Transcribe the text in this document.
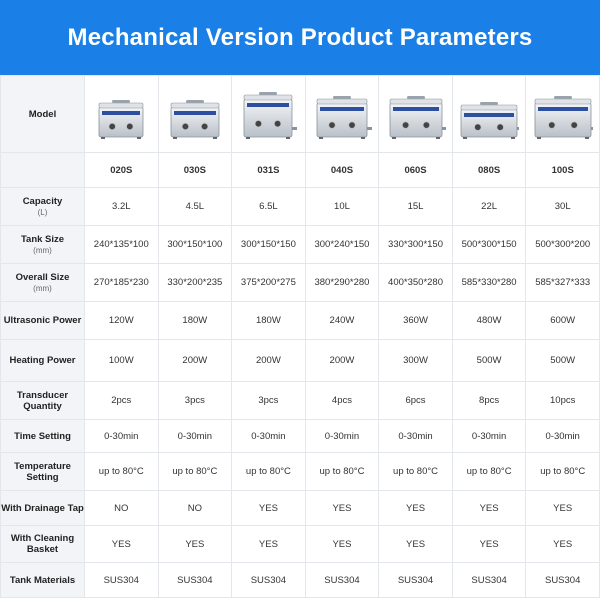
Mechanical Version Product Parameters
Model	

	020S	030S	031S	040S	060S	080S	100S
Capacity
(L)	3.2L	4.5L	6.5L	10L	15L	22L	30L
Tank Size
(mm)	240*135*100	300*150*100	300*150*150	300*240*150	330*300*150	500*300*150	500*300*200
Overall Size
(mm)	270*185*230	330*200*235	375*200*275	380*290*280	400*350*280	585*330*280	585*327*333
Ultrasonic Power	120W	180W	180W	240W	360W	480W	600W
Heating Power	100W	200W	200W	200W	300W	500W	500W
Transducer Quantity	2pcs	3pcs	3pcs	4pcs	6pcs	8pcs	10pcs
Time Setting	0-30min	0-30min	0-30min	0-30min	0-30min	0-30min	0-30min
Temperature Setting	up to 80°C	up to 80°C	up to 80°C	up to 80°C	up to 80°C	up to 80°C	up to 80°C
With Drainage Tap	NO	NO	YES	YES	YES	YES	YES
With Cleaning Basket	YES	YES	YES	YES	YES	YES	YES
Tank Materials	SUS304	SUS304	SUS304	SUS304	SUS304	SUS304	SUS304
